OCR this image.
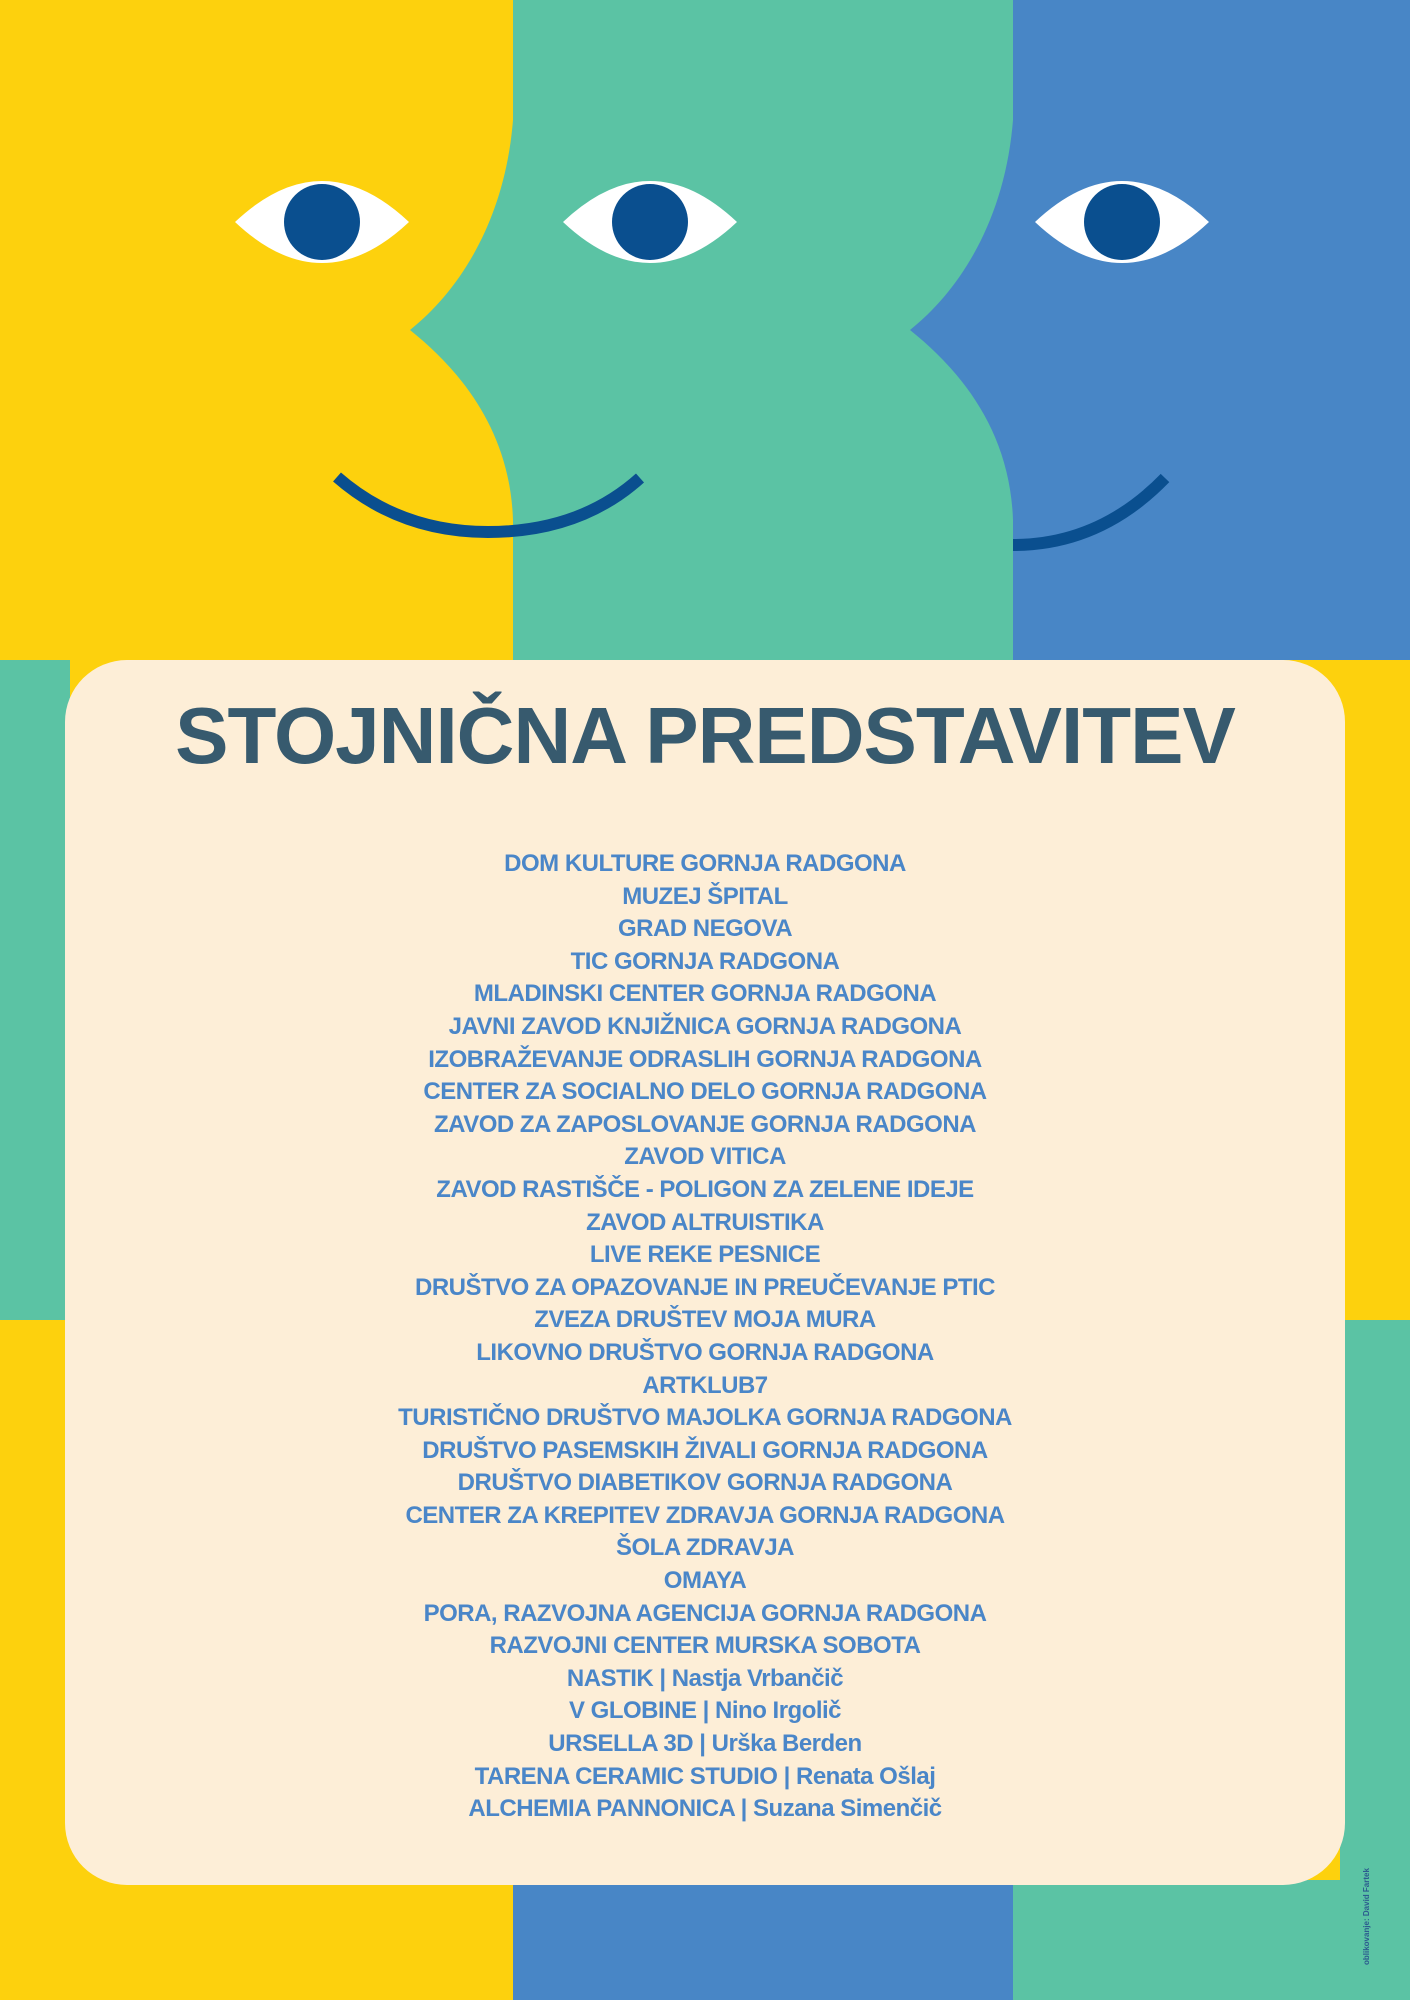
STOJNIČNA PREDSTAVITEV
DOM KULTURE GORNJA RADGONA
MUZEJ ŠPITAL
GRAD NEGOVA
TIC GORNJA RADGONA
MLADINSKI CENTER GORNJA RADGONA
JAVNI ZAVOD KNJIŽNICA GORNJA RADGONA
IZOBRAŽEVANJE ODRASLIH GORNJA RADGONA
CENTER ZA SOCIALNO DELO GORNJA RADGONA
ZAVOD ZA ZAPOSLOVANJE GORNJA RADGONA
ZAVOD VITICA
ZAVOD RASTIŠČE - POLIGON ZA ZELENE IDEJE
ZAVOD ALTRUISTIKA
LIVE REKE PESNICE
DRUŠTVO ZA OPAZOVANJE IN PREUČEVANJE PTIC
ZVEZA DRUŠTEV MOJA MURA
LIKOVNO DRUŠTVO GORNJA RADGONA
ARTKLUB7
TURISTIČNO DRUŠTVO MAJOLKA GORNJA RADGONA
DRUŠTVO PASEMSKIH ŽIVALI GORNJA RADGONA
DRUŠTVO DIABETIKOV GORNJA RADGONA
CENTER ZA KREPITEV ZDRAVJA GORNJA RADGONA
ŠOLA ZDRAVJA
OMAYA
PORA, RAZVOJNA AGENCIJA GORNJA RADGONA
RAZVOJNI CENTER MURSKA SOBOTA
NASTIK | Nastja Vrbančič
V GLOBINE | Nino Irgolič
URSELLA 3D | Urška Berden
TARENA CERAMIC STUDIO | Renata Ošlaj
ALCHEMIA PANNONICA | Suzana Simenčič
oblikovanje: David Fartek
